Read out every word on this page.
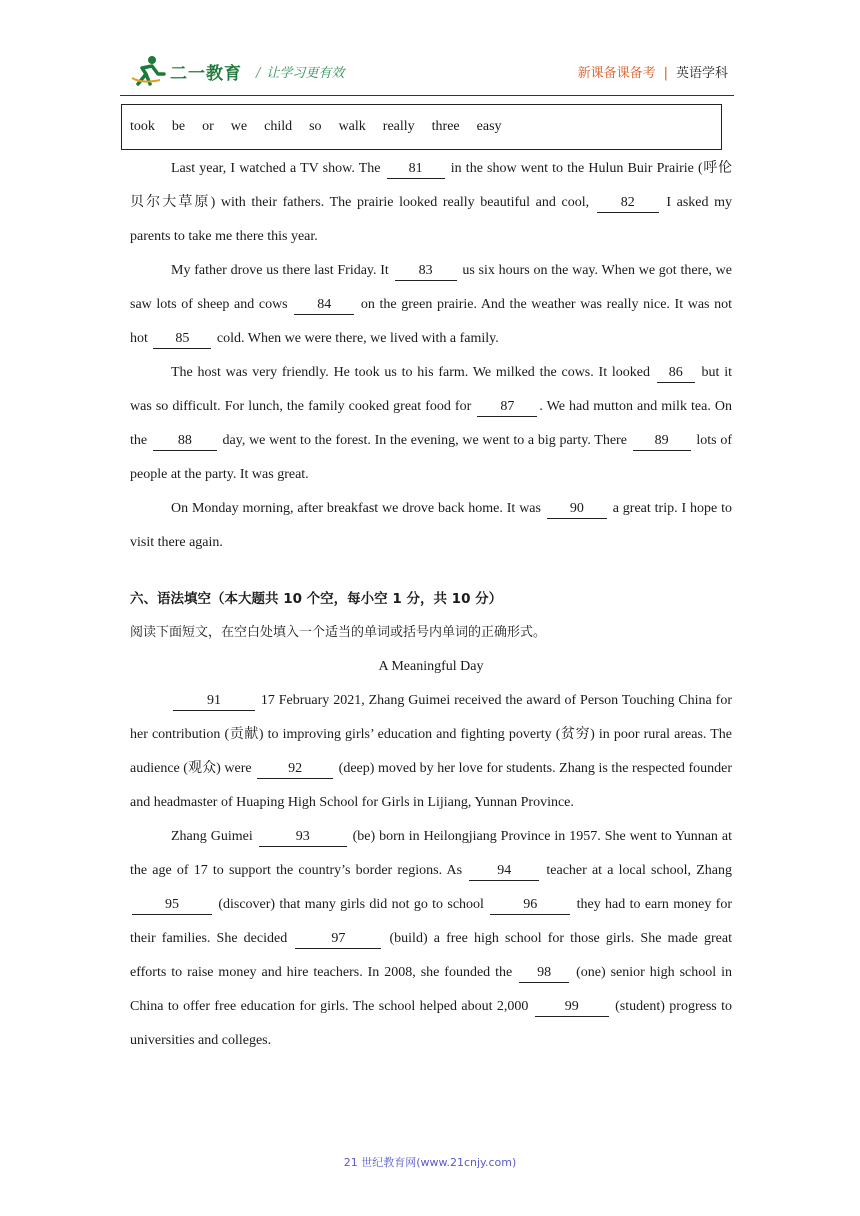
二一教育 / 让学习更有效	新课备课备考 | 英语学科
took be or we child so walk really three easy

Last year, I watched a TV show. The 81 in the show went to the Hulun Buir Prairie (呼伦贝尔大草原) with their fathers. The prairie looked really beautiful and cool, 82 I asked my parents to take me there this year.

My father drove us there last Friday. It 83 us six hours on the way. When we got there, we saw lots of sheep and cows 84 on the green prairie. And the weather was really nice. It was not hot 85 cold. When we were there, we lived with a family.

The host was very friendly. He took us to his farm. We milked the cows. It looked 86 but it was so difficult. For lunch, the family cooked great food for 87 . We had mutton and milk tea. On the 88 day, we went to the forest. In the evening, we went to a big party. There 89 lots of people at the party. It was great.

On Monday morning, after breakfast we drove back home. It was 90 a great trip. I hope to visit there again.

六、语法填空（本大题共 10 个空，每小空 1 分，共 10 分）

阅读下面短文，在空白处填入一个适当的单词或括号内单词的正确形式。

A Meaningful Day

91	17 February 2021, Zhang Guimei received the award of Person Touching China for her contribution (贡献) to improving girls’ education and fighting poverty (贫穷) in poor rural areas. The audience (观众) were 92 (deep) moved by her love for students. Zhang is the respected founder and headmaster of Huaping High School for Girls in Lijiang, Yunnan Province.

Zhang Guimei	93	(be) born in Heilongjiang Province in 1957. She went to Yunnan at the age of 17 to support the country’s border regions. As 94 teacher at a local school, Zhang 95	(discover) that many girls did not go to school	96	they had to earn money for their families. She decided	97	(build) a free high school for those girls. She made great efforts to raise money and hire teachers. In 2008, she founded the 98 (one) senior high school in China to offer free education for girls. The school helped about 2,000 99 (student) progress to universities and colleges.

21 世纪教育网(www.21cnjy.com)
